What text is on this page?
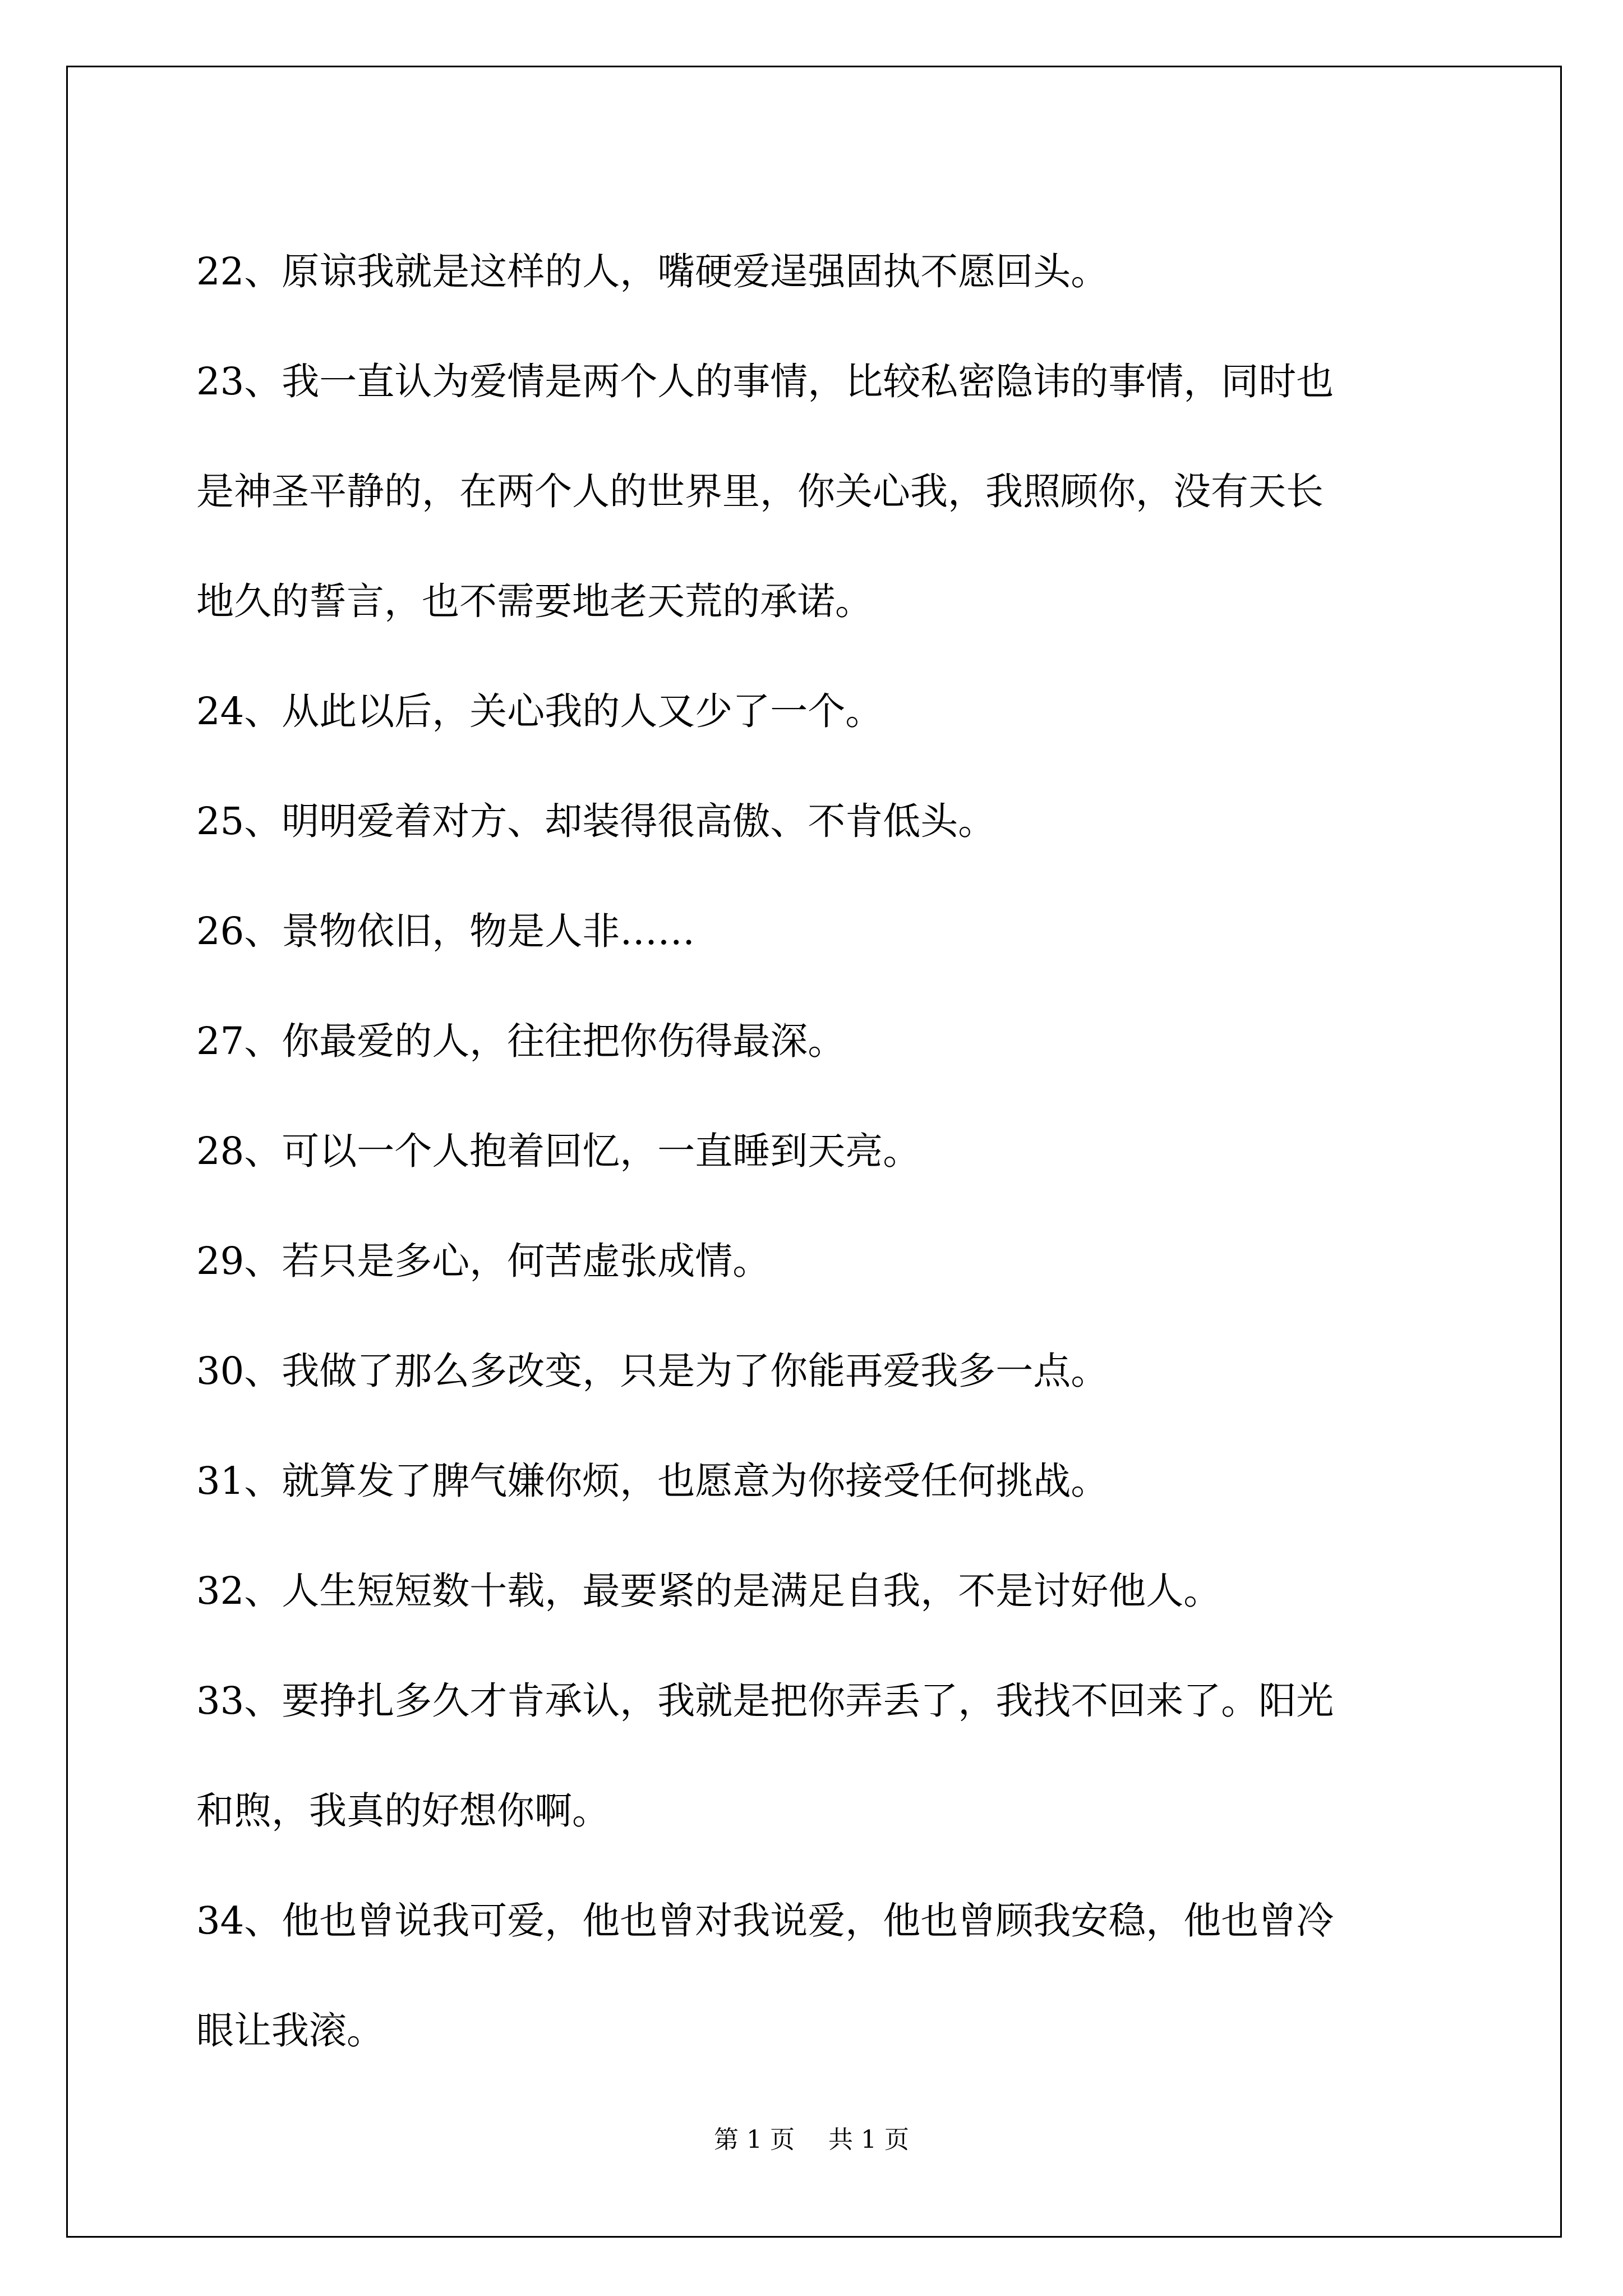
22、原谅我就是这样的人，嘴硬爱逞强固执不愿回头。

23、我一直认为爱情是两个人的事情，比较私密隐讳的事情，同时也

是神圣平静的，在两个人的世界里，你关心我，我照顾你，没有天长

地久的誓言，也不需要地老天荒的承诺。

24、从此以后，关心我的人又少了一个。

25、明明爱着对方、却装得很高傲、不肯低头。

26、景物依旧，物是人非……

27、你最爱的人，往往把你伤得最深。

28、可以一个人抱着回忆，一直睡到天亮。

29、若只是多心，何苦虚张成情。

30、我做了那么多改变，只是为了你能再爱我多一点。

31、就算发了脾气嫌你烦，也愿意为你接受任何挑战。

32、人生短短数十载，最要紧的是满足自我，不是讨好他人。

33、要挣扎多久才肯承认，我就是把你弄丢了，我找不回来了。阳光

和煦，我真的好想你啊。

34、他也曾说我可爱，他也曾对我说爱，他也曾顾我安稳，他也曾冷

眼让我滚。

第 1 页 共 1 页
